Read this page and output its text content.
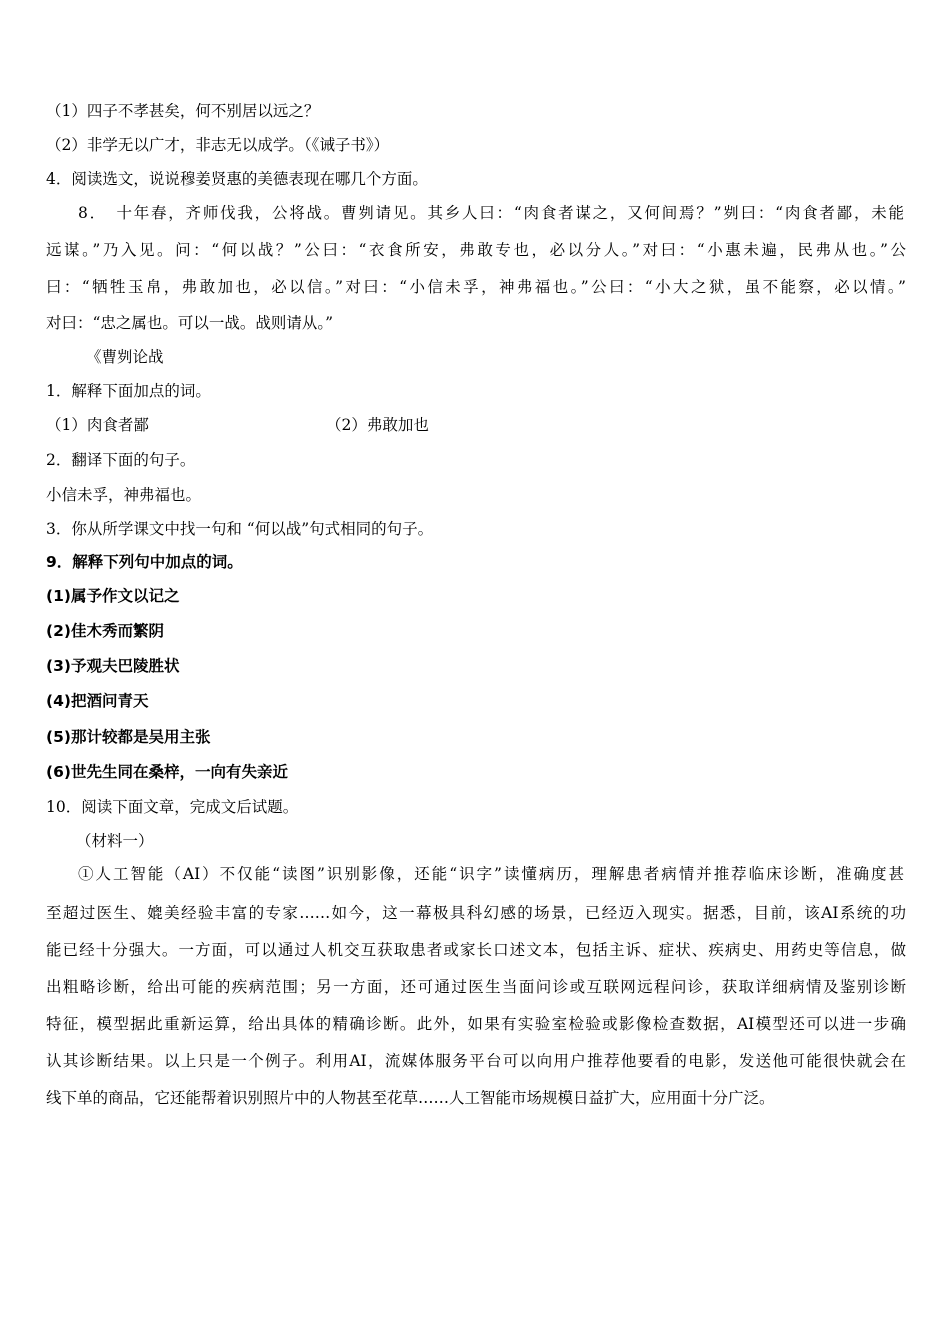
（1）四子不孝甚矣，何不别居以远之？
（2）非学无以广才，非志无以成学。（《诫子书》）
4．阅读选文，说说穆姜贤惠的美德表现在哪几个方面。
8．　十年春，齐师伐我，公将战。曹刿请见。其乡人曰：“肉食者谋之，又何间焉？”刿曰：“肉食者鄙，未能
远谋。”乃入见。问：“何以战？”公曰：“衣食所安，弗敢专也，必以分人。”对曰：“小惠未遍，民弗从也。”公
曰：“牺牲玉帛，弗敢加也，必以信。”对曰：“小信未孚，神弗福也。”公曰：“小大之狱，虽不能察，必以情。”
对曰：“忠之属也。可以一战。战则请从。”
《曹刿论战
1．解释下面加点的词。
（1）肉食者鄙	（2）弗敢加也
2．翻译下面的句子。
小信未孚，神弗福也。
3．你从所学课文中找一句和 “何以战”句式相同的句子。
9．解释下列句中加点的词。
(1)属予作文以记之
(2)佳木秀而繁阴
(3)予观夫巴陵胜状
(4)把酒问青天
(5)那计较都是吴用主张
(6)世先生同在桑梓，一向有失亲近
10．阅读下面文章，完成文后试题。
（材料一）
①人工智能（AI）不仅能“读图”识别影像，还能“识字”读懂病历，理解患者病情并推荐临床诊断，准确度甚
至超过医生、媲美经验丰富的专家……如今，这一幕极具科幻感的场景，已经迈入现实。据悉，目前，该AI系统的功
能已经十分强大。一方面，可以通过人机交互获取患者或家长口述文本，包括主诉、症状、疾病史、用药史等信息，做
出粗略诊断，给出可能的疾病范围；另一方面，还可通过医生当面问诊或互联网远程问诊，获取详细病情及鉴别诊断
特征，模型据此重新运算，给出具体的精确诊断。此外，如果有实验室检验或影像检查数据，AI模型还可以进一步确
认其诊断结果。以上只是一个例子。利用AI，流媒体服务平台可以向用户推荐他要看的电影，发送他可能很快就会在
线下单的商品，它还能帮着识别照片中的人物甚至花草……人工智能市场规模日益扩大，应用面十分广泛。
